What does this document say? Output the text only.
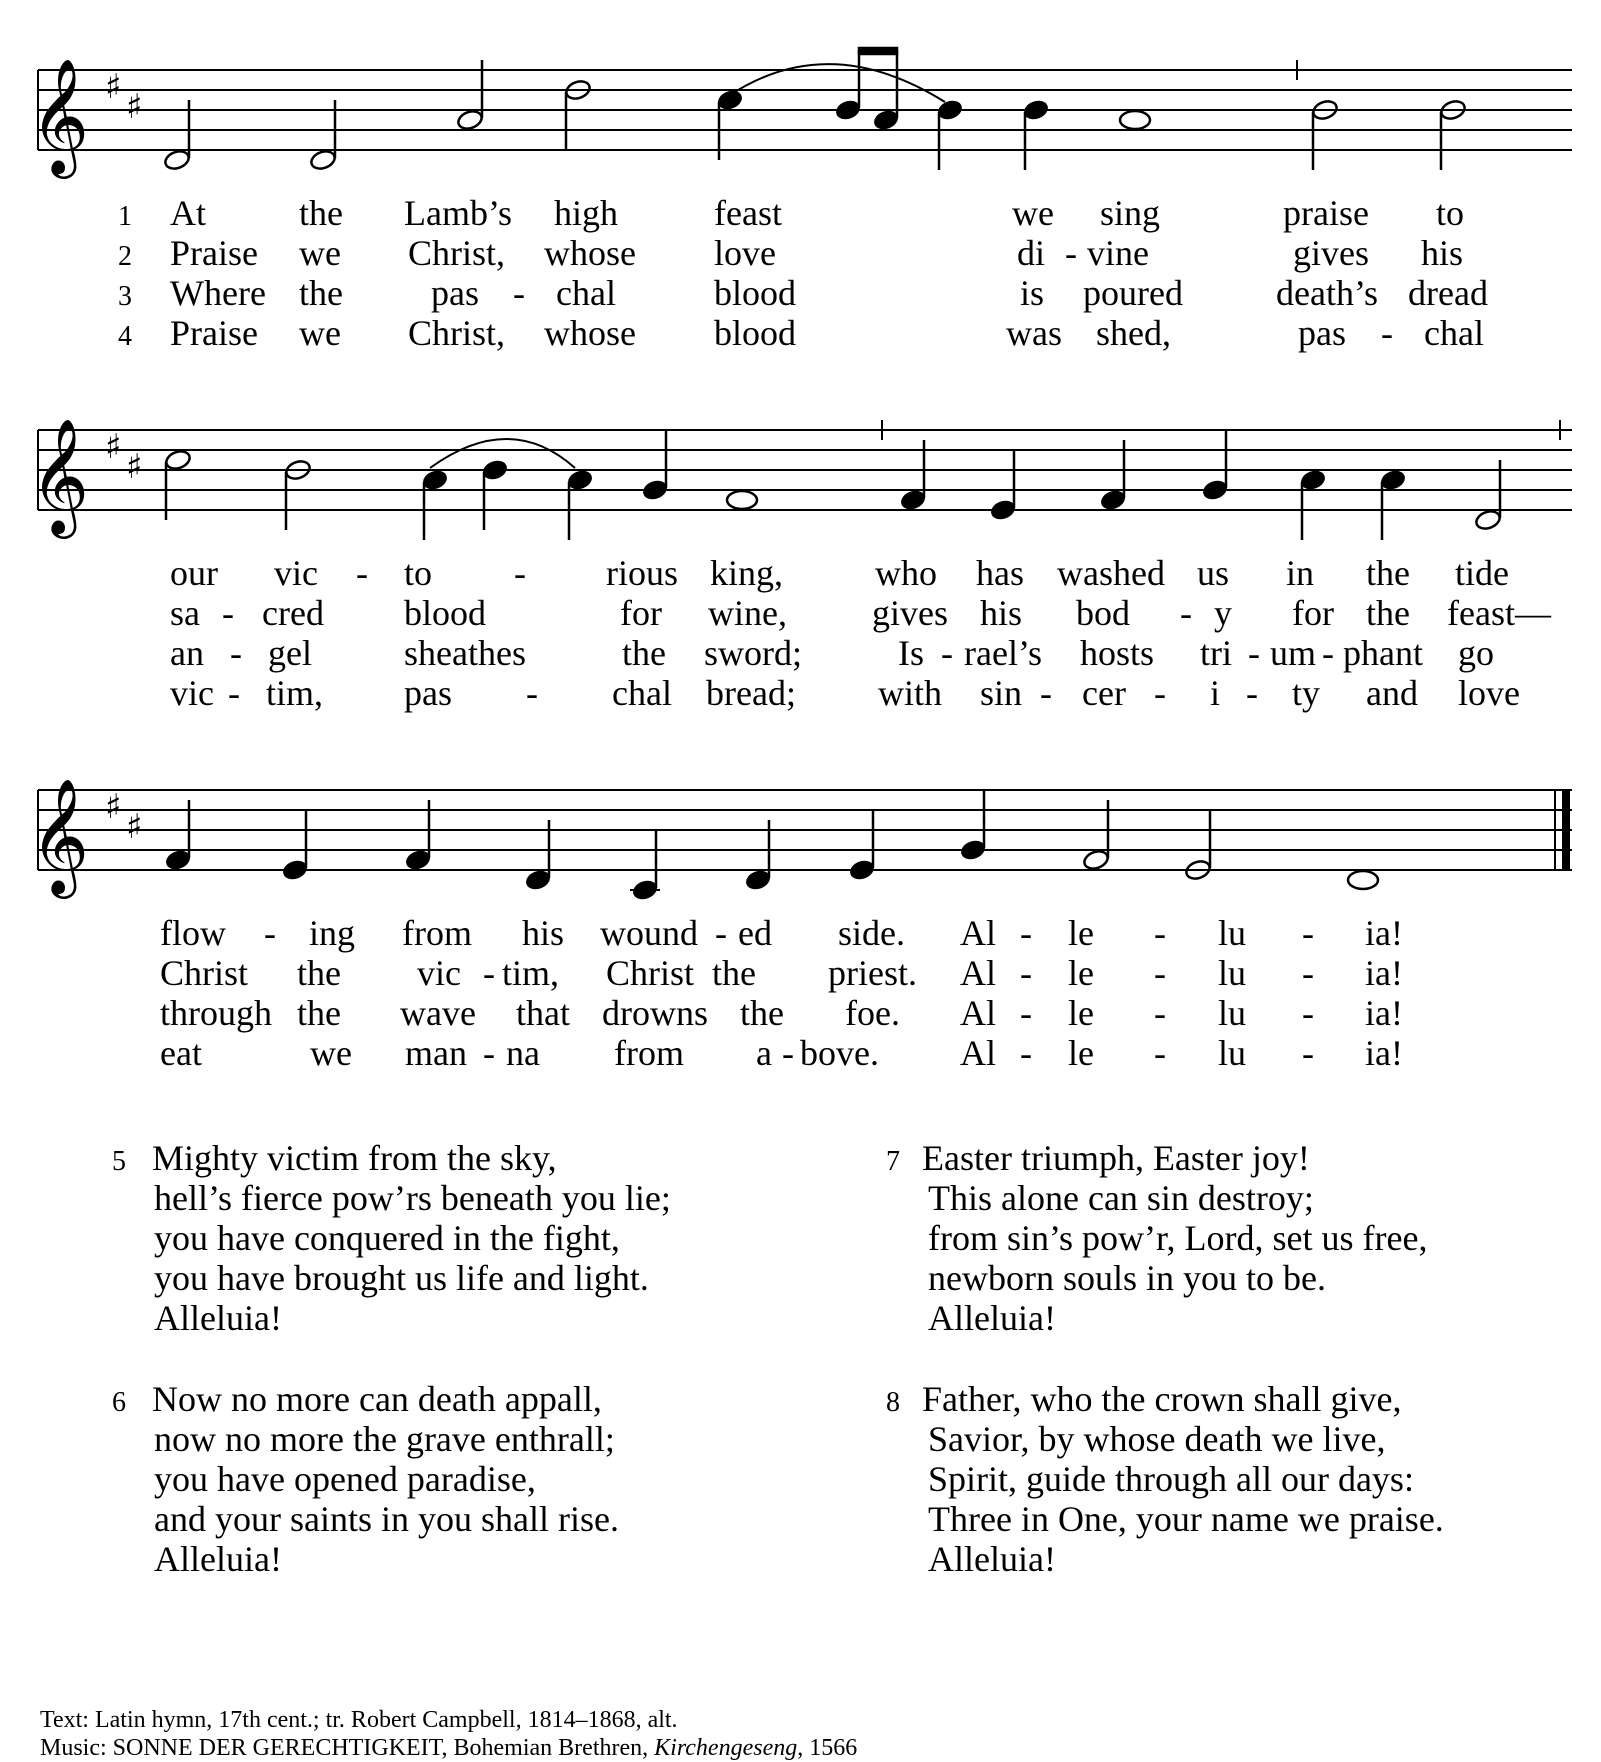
𝄞 ♯ ♯
1 At	the Lamb’s high	feast	we sing	praise to
2 Praise we Christ, whose love	di - vine	gives his
3 Where the pas - chal	blood	is poured	death’s dread
4 Praise we Christ, whose blood	was shed,	pas - chal
𝄞 ♯ ♯
our vic - to - rious king,	who has washed us in the tide
sa - cred blood	for wine, gives his bod - y for the feast—
an - gel	sheathes	the sword;	Is - rael’s hosts tri - um - phant go
vic - tim, pas - chal bread; with sin - cer - i - ty and love
𝄞 ♯ ♯
flow - ing from his wound - ed side. Al - le - lu - ia!
Christ the vic - tim, Christ the priest. Al - le - lu - ia!
through the wave that drowns the foe. Al - le - lu - ia!
eat	we man - na from a - bove. Al - le - lu - ia!
5 Mighty victim from the sky,
hell’s fierce pow’rs beneath you lie;
you have conquered in the fight,
you have brought us life and light.
Alleluia!
6 Now no more can death appall,
now no more the grave enthrall;
you have opened paradise,
and your saints in you shall rise.
Alleluia!
7 Easter triumph, Easter joy!
This alone can sin destroy;
from sin’s pow’r, Lord, set us free,
newborn souls in you to be.
Alleluia!
8 Father, who the crown shall give,
Savior, by whose death we live,
Spirit, guide through all our days:
Three in One, your name we praise.
Alleluia!
Text: Latin hymn, 17th cent.; tr. Robert Campbell, 1814–1868, alt.
Music: SONNE DER GERECHTIGKEIT, Bohemian Brethren, Kirchengeseng, 1566
